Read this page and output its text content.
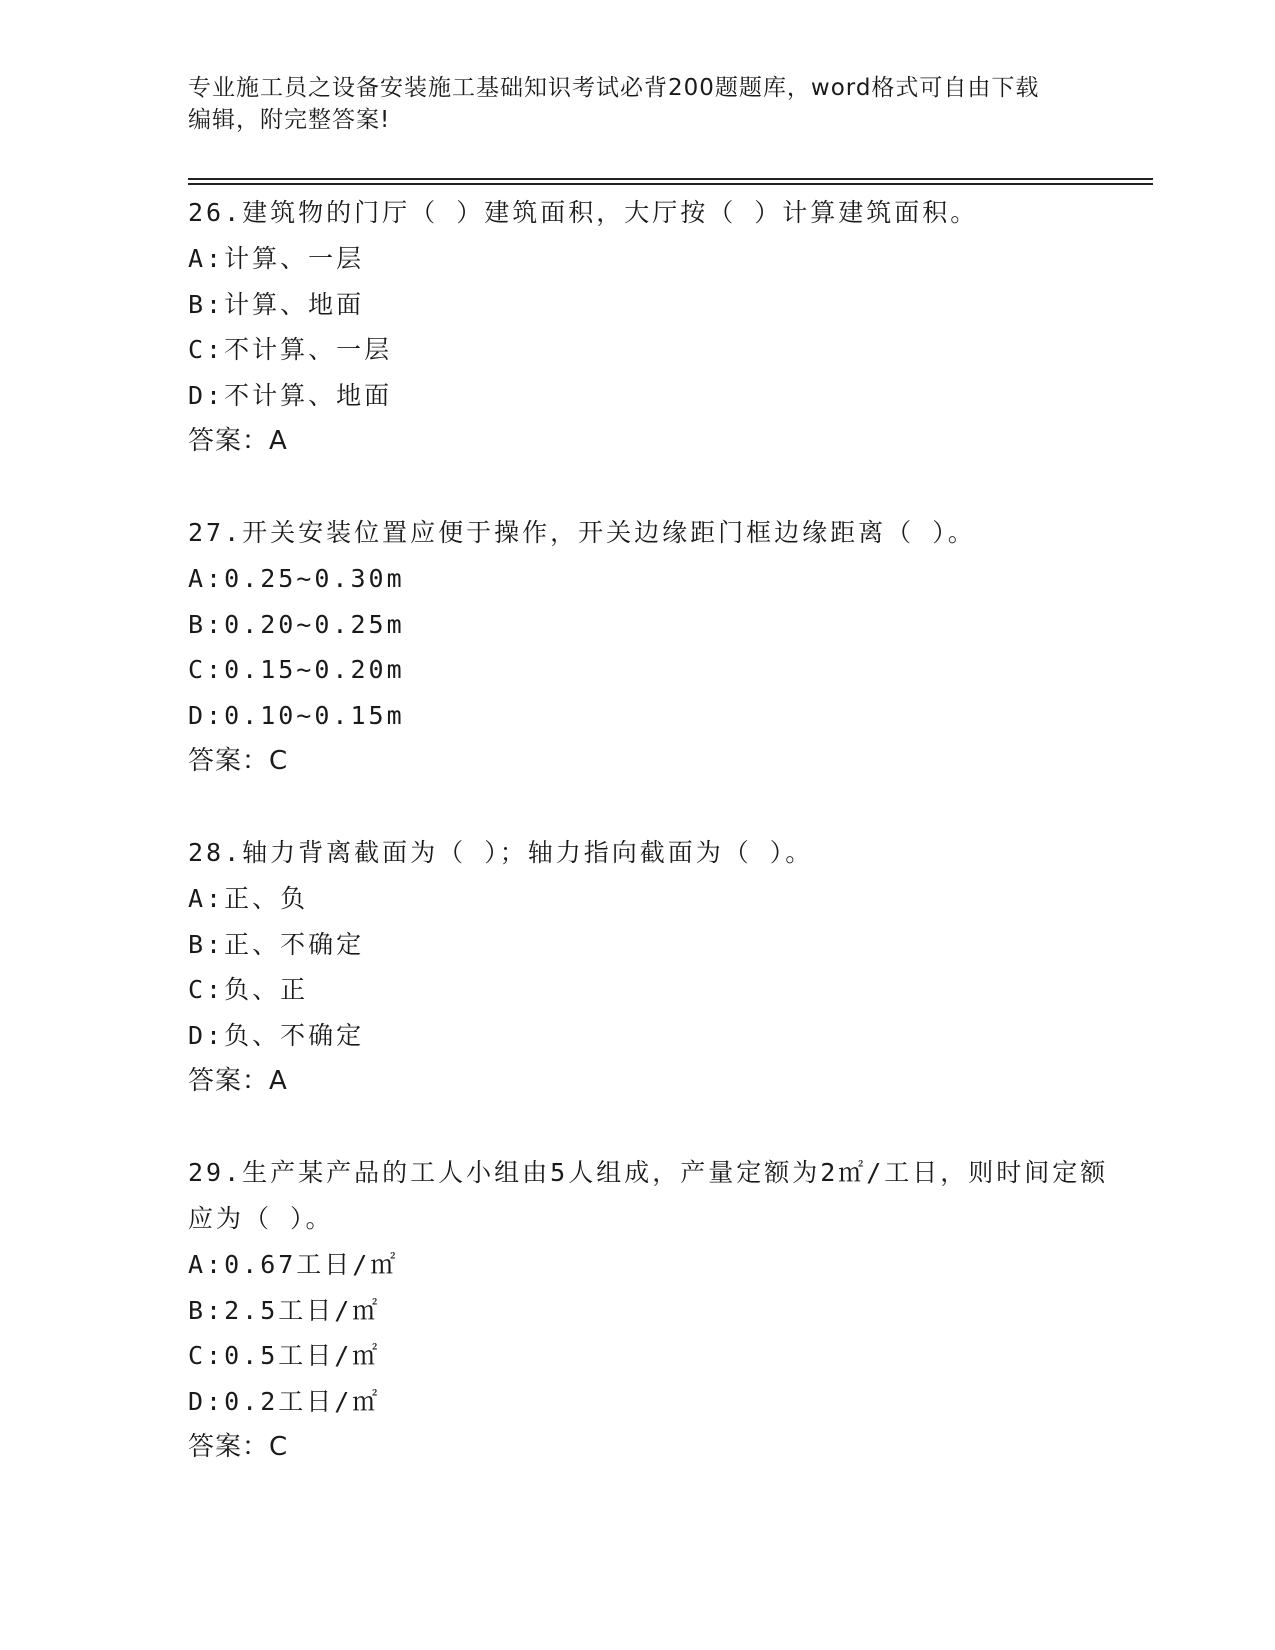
专业施工员之设备安装施工基础知识考试必背200题题库，word格式可自由下载
编辑，附完整答案!

26.建筑物的门厅（ ）建筑面积，大厅按（ ）计算建筑面积。

A:计算、一层

B:计算、地面

C:不计算、一层

D:不计算、地面

答案：A

27.开关安装位置应便于操作，开关边缘距门框边缘距离（ ）。

A:0.25~0.30m

B:0.20~0.25m

C:0.15~0.20m

D:0.10~0.15m

答案：C

28.轴力背离截面为（ ）；轴力指向截面为（ ）。

A:正、负

B:正、不确定

C:负、正

D:负、不确定

答案：A

29.生产某产品的工人小组由5人组成，产量定额为2㎡/工日，则时间定额应为（ ）。

A:0.67工日/㎡

B:2.5工日/㎡

C:0.5工日/㎡

D:0.2工日/㎡

答案：C
